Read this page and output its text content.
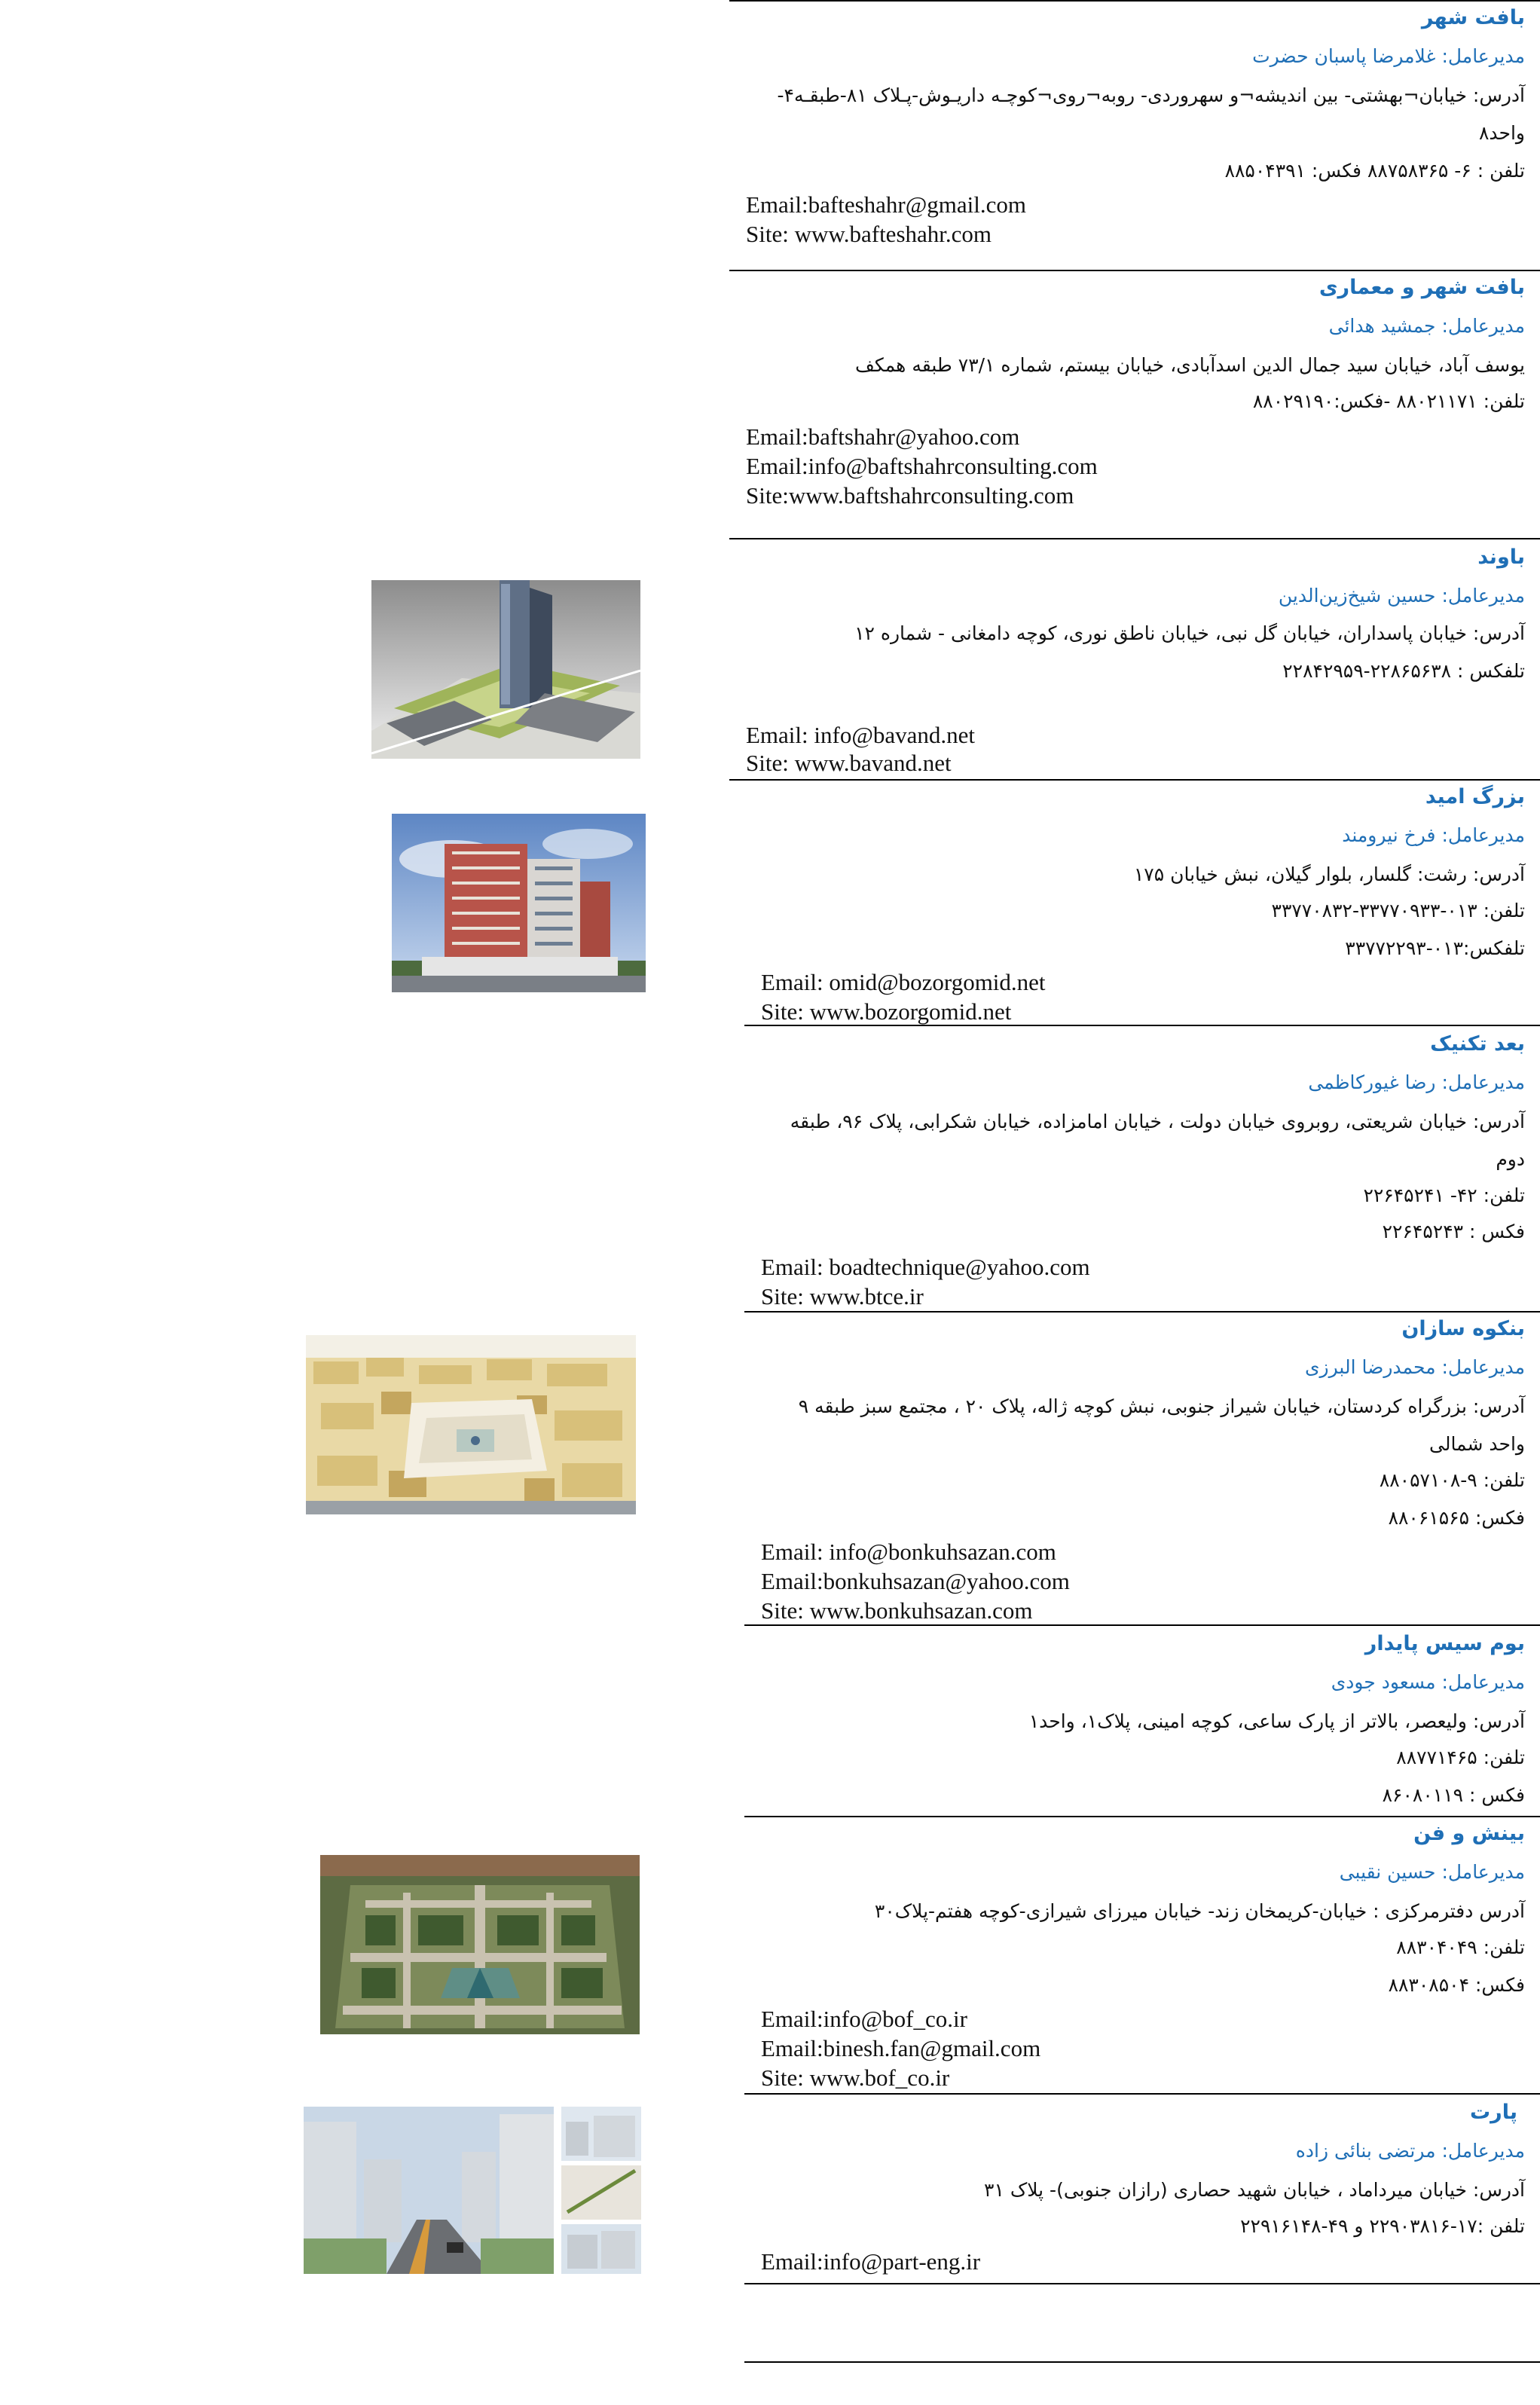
بافت شهر
مدیرعامل: غلامرضا پاسبان حضرت
آدرس: خیابان¬بهشتی- بین اندیشه¬و سهروردی- روبه¬روی¬کوچـه داریـوش-پـلاک ۸۱-طبقـه۴-واحد۸
تلفن : ۶- ۸۸۷۵۸۳۶۵ فکس: ۸۸۵۰۴۳۹۱
Email:bafteshahr@gmail.com
Site: www.bafteshahr.com
بافت شهر و معماری
مدیرعامل: جمشید هدائی
یوسف آباد، خیابان سید جمال الدین اسدآبادی، خیابان بیستم، شماره ۷۳/۱ طبقه همکف
تلفن: ۸۸۰۲۱۱۷۱ -فکس:۸۸۰۲۹۱۹۰
Email:baftshahr@yahoo.com
Email:info@baftshahrconsulting.com
Site:www.baftshahrconsulting.com
باوند
مدیرعامل: حسین شیخ‌زین‌الدین
آدرس: خیابان پاسداران، خیابان گل نبی، خیابان ناطق نوری، کوچه دامغانی - شماره ۱۲
تلفکس : ۲۲۸۶۵۶۳۸-۲۲۸۴۲۹۵۹
Email: info@bavand.net
Site: www.bavand.net
بزرگ امید
مدیرعامل: فرخ نیرومند
آدرس: رشت: گلسار، بلوار گیلان، نبش خیابان ۱۷۵
تلفن: ۰۱۳-۳۳۷۷۰۹۳۳-۳۳۷۷۰۸۳۲
تلفکس:۰۱۳-۳۳۷۷۲۲۹۳
Email: omid@bozorgomid.net
Site: www.bozorgomid.net
بعد تکنیک
مدیرعامل: رضا غیورکاظمی
آدرس: خیابان شریعتی، روبروی خیابان دولت ، خیابان امامزاده، خیابان شکرابی، پلاک ۹۶، طبقه دوم
تلفن: ۴۲- ۲۲۶۴۵۲۴۱
فکس : ۲۲۶۴۵۲۴۳
Email: boadtechnique@yahoo.com
Site: www.btce.ir
بنکوه سازان
مدیرعامل: محمدرضا البرزی
آدرس: بزرگراه کردستان، خیابان شیراز جنوبی، نبش کوچه ژاله، پلاک ۲۰ ، مجتمع سبز طبقه ۹ واحد شمالی
تلفن: ۹-۸۸۰۵۷۱۰۸
فکس: ۸۸۰۶۱۵۶۵
Email: info@bonkuhsazan.com
Email:bonkuhsazan@yahoo.com
Site: www.bonkuhsazan.com
بوم سیس پایدار
مدیرعامل: مسعود جودی
آدرس: ولیعصر، بالاتر از پارک ساعی، کوچه امینی، پلاک۱، واحد۱
تلفن: ۸۸۷۷۱۴۶۵
فکس : ۸۶۰۸۰۱۱۹
بینش و فن
مدیرعامل: حسین نقیبی
آدرس دفترمرکزی : خیابان-کریمخان زند- خیابان میرزای شیرازی-کوچه هفتم-پلاک۳۰
تلفن: ۸۸۳۰۴۰۴۹
فکس: ۸۸۳۰۸۵۰۴
Email:info@bof_co.ir
Email:binesh.fan@gmail.com
Site: www.bof_co.ir
پارت
مدیرعامل: مرتضی بنائی زاده
آدرس: خیابان میرداماد ، خیابان شهید حصاری (رازان جنوبی)- پلاک ۳۱
تلفن :۱۷-۲۲۹۰۳۸۱۶ و ۴۹-۲۲۹۱۶۱۴۸
Email:info@part-eng.ir
